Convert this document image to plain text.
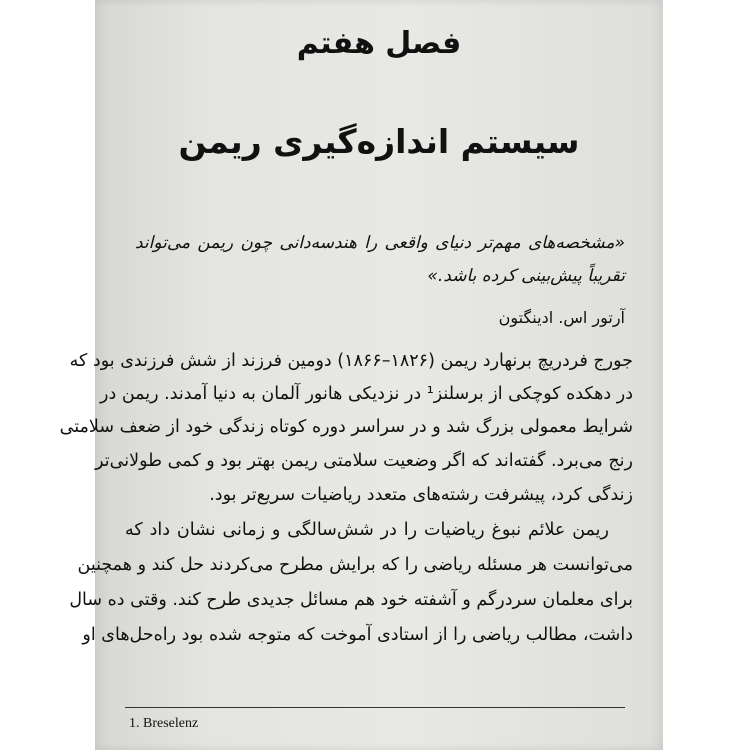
فصل هفتم
سیستم اندازه‌گیری ریمن

«مشخصه‌های مهم‌تر دنیای واقعی را هندسه‌دانی چون ریمن می‌تواند

تقریباً پیش‌بینی کرده باشد.»

آرتور اس. ادینگتون

جورج فردریچ برنهارد ریمن (۱۸۲۶–۱۸۶۶) دومین فرزند از شش فرزندی بود که

در دهکده کوچکی از برسلنز¹ در نزدیکی هانور آلمان به دنیا آمدند. ریمن در

شرایط معمولی بزرگ شد و در سراسر دوره کوتاه زندگی خود از ضعف سلامتی

رنج می‌برد. گفته‌اند که اگر وضعیت سلامتی ریمن بهتر بود و کمی طولانی‌تر

زندگی کرد، پیشرفت رشته‌های متعدد ریاضیات سریع‌تر بود.

ریمن علائم نبوغ ریاضیات را در شش‌سالگی و زمانی نشان داد که

می‌توانست هر مسئله ریاضی را که برایش مطرح می‌کردند حل کند و همچنین

برای معلمان سردرگم و آشفته خود هم مسائل جدیدی طرح کند. وقتی ده سال

داشت، مطالب ریاضی را از استادی آموخت که متوجه شده بود راه‌حل‌های او

1. Breselenz
